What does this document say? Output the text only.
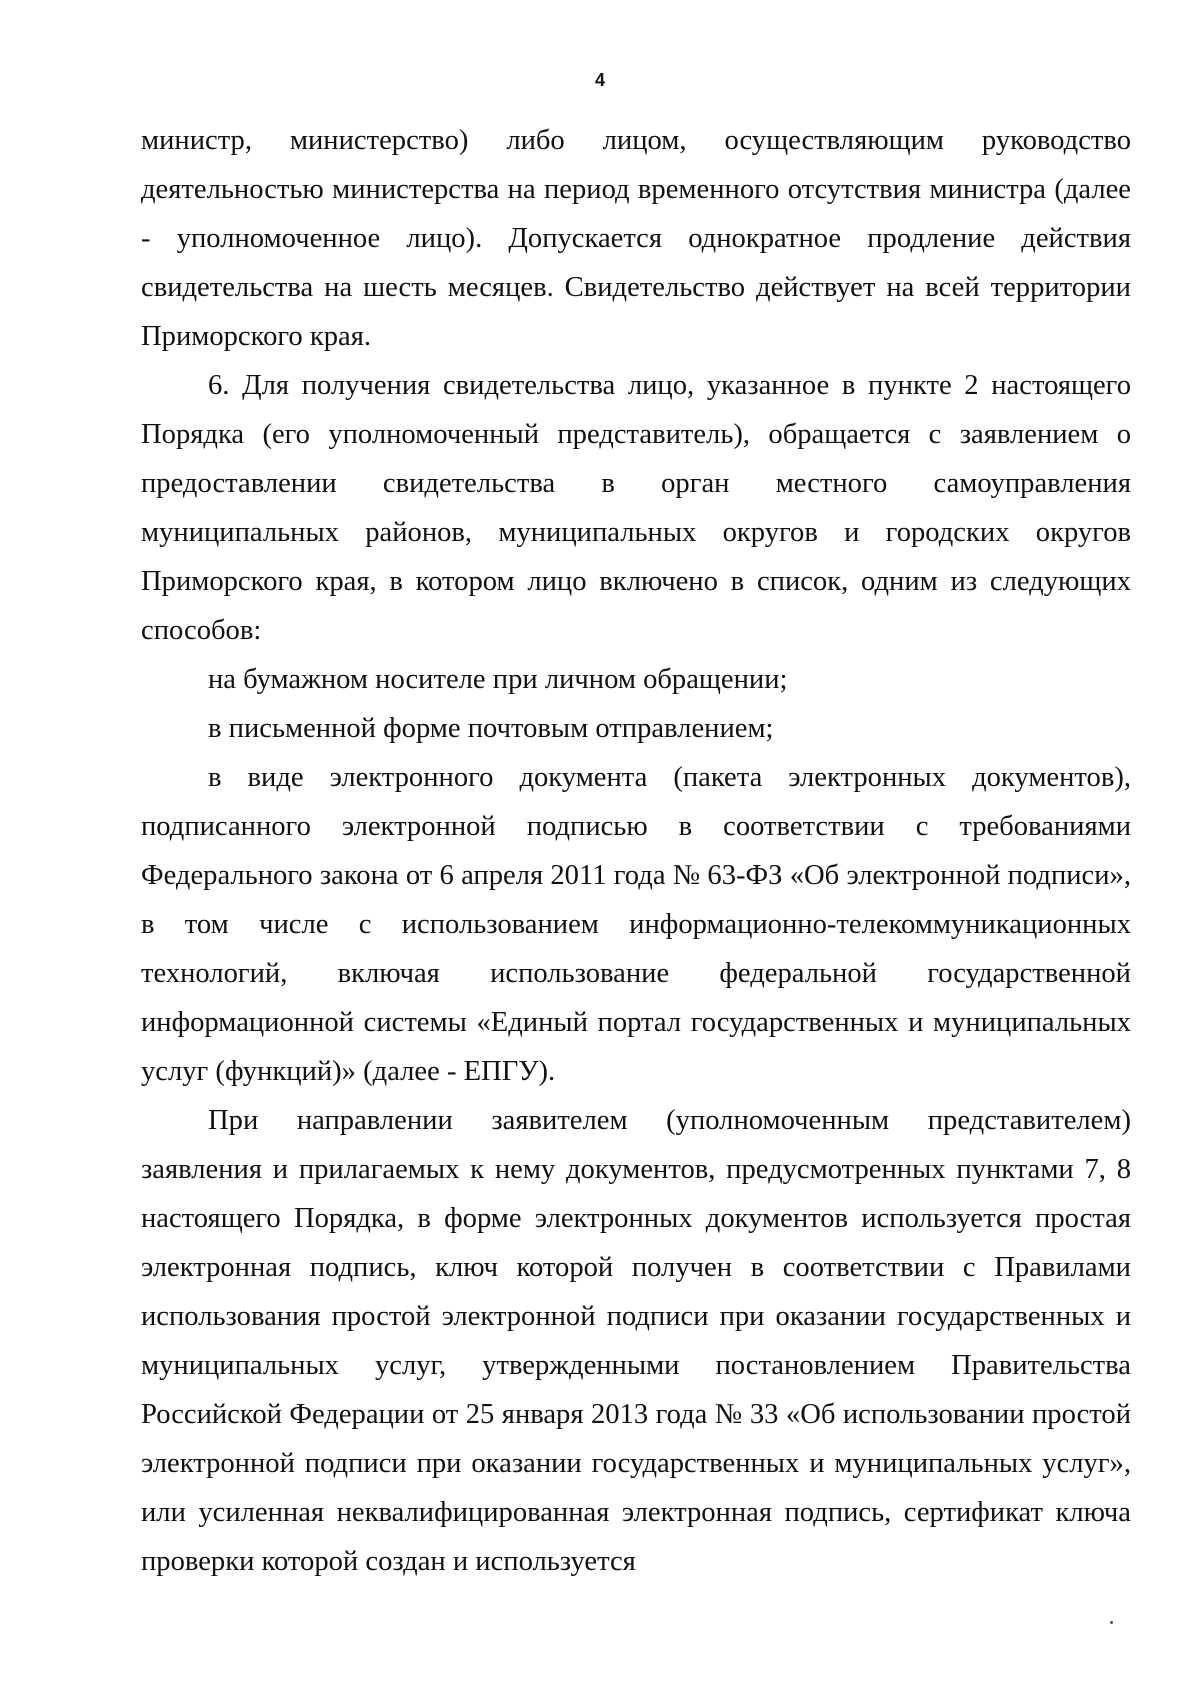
4

министр, министерство) либо лицом, осуществляющим руководство деятельностью министерства на период временного отсутствия министра (далее - уполномоченное лицо). Допускается однократное продление действия свидетельства на шесть месяцев. Свидетельство действует на всей территории Приморского края.

6. Для получения свидетельства лицо, указанное в пункте 2 настоящего Порядка (его уполномоченный представитель), обращается с заявлением о предоставлении свидетельства в орган местного самоуправления муниципальных районов, муниципальных округов и городских округов Приморского края, в котором лицо включено в список, одним из следующих способов:

на бумажном носителе при личном обращении;

в письменной форме почтовым отправлением;

в виде электронного документа (пакета электронных документов), подписанного электронной подписью в соответствии с требованиями Федерального закона от 6 апреля 2011 года № 63-ФЗ «Об электронной подписи», в том числе с использованием информационно-телекоммуникационных технологий, включая использование федеральной государственной информационной системы «Единый портал государственных и муниципальных услуг (функций)» (далее - ЕПГУ).

При направлении заявителем (уполномоченным представителем) заявления и прилагаемых к нему документов, предусмотренных пунктами 7, 8 настоящего Порядка, в форме электронных документов используется простая электронная подпись, ключ которой получен в соответствии с Правилами использования простой электронной подписи при оказании государственных и муниципальных услуг, утвержденными постановлением Правительства Российской Федерации от 25 января 2013 года № 33 «Об использовании простой электронной подписи при оказании государственных и муниципальных услуг», или усиленная неквалифицированная электронная подпись, сертификат ключа проверки которой создан и используется
